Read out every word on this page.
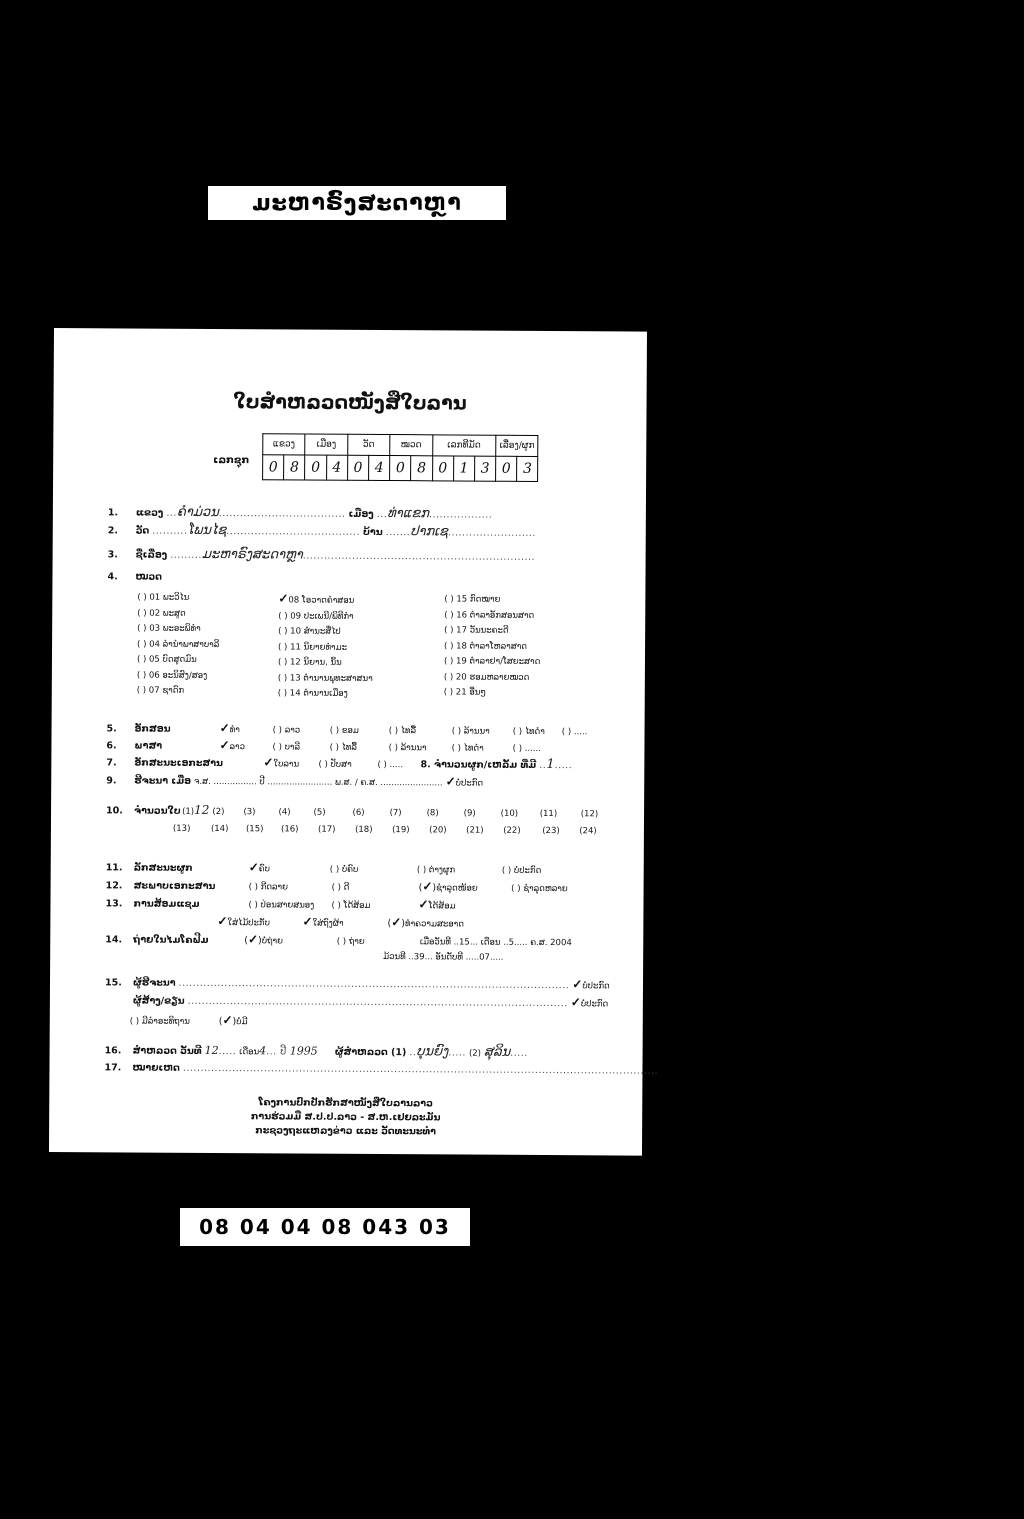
ມະຫາຣົງສະດາຫຼາ
ໃບສຳຫລວດໜັງສືໃບລານ
ເລກຊຸກ
ແຂວງ		ເມືອງ		ວັດ		ໝວດ		ເລກທີມັດ			ເລື່ອງ/ຜູກ	
0	8	0	4	0	4	0	8	0	1	3	0	3
1. ແຂວງ ...ຄຳມ່ວນ.................................... ເມືອງ ...ທ່າແຂກ..................
2. ວັດ ..........ໂພນໄຊ...................................... ບ້ານ .......ປາກເຊ.........................
3. ຊື່ເລື່ອງ .........ມະຫາຣົງສະດາຫຼາ..................................................................
4. ໝວດ
( ) 01 ພະວິໄນ
( ) 02 ພະສູດ
( ) 03 ພະອະພິທຳ
( ) 04 ລຳນຳພາສາບາລີ
( ) 05 ບົດສູດມົນ
( ) 06 ອະນິສົງ/ສອງ
( ) 07 ຊາດົກ
✓08 ໂອວາດຄຳສອນ
( ) 09 ປະເພນີ/ພິທີກຳ
( ) 10 ສຳນະສື່ໄປ
( ) 11 ນິຍາຍທຳມະ
( ) 12 ນິຍານ, ນິ້ນ
( ) 13 ຕຳນານພຸທະສາສນາ
( ) 14 ຕຳນານເມືອງ
( ) 15 ກົດໝາຍ
( ) 16 ຕຳລາອັກສອນສາດ
( ) 17 ວັນນະຄະດີ
( ) 18 ຕຳລາໂຫລາສາດ
( ) 19 ຕຳລາຢາ/ໂສຍະສາດ
( ) 20 ຮອມຫລາຍໝວດ
( ) 21 ອື່ນໆ
5. ອັກສອນ	✓ທຳ	( ) ລາວ	( ) ຂອມ	( ) ໄທລື້	( ) ລ້ານນາ	( ) ໄທດຳ ( ) .....
6. ພາສາ	✓ລາວ	( ) ບາລີ	( ) ໄທລື້	( ) ລ້ານນາ	( ) ໄທດຳ	( ) ......
7. ອັກສະນະເອກະສານ	✓ໃບລານ ( ) ປັບສາ	( ) ..... 8. ຈຳນວນຜູກ/ເຫລັ້ມ ທີ່ມີ ..1.....
9. ຮີຈະນາ ເມື່ອ ຈ.ສ. ................ ປີ ........................ ພ.ສ. / ຄ.ສ. ....................... ✓ບໍ່ປະກົດ
10. ຈຳນວນໃບ (1)12 (2) (3)	(4)	(5)	(6)	(7)	(8)	(9)	(10)	(11)	(12)
(13) (14) (15) (16) (17) (18) (19) (20) (21) (22)	(23) (24)
11. ລັກສະນະຜູກ	✓ຄົບ	( ) ບໍ່ຄົບ	( ) ຕ່າງຜູກ	( ) ບໍ່ປະກົດ
12. ສະພາບເອກະສານ	( ) ກີດລາຍ	( ) ດີ	(✓)ຊຳລຸດໜ້ອຍ	( ) ຊຳລຸດຫລາຍ
13. ການສ້ອມແຊມ	( ) ປ່ອນສາຍສນອງ ( ) ໂດ້ສ້ອມ	✓ໂດ້ສ້ອມ
✓ໃສ່ໄມ້ປະກັບ	✓ໃສ່ຖົງຜ້າ	(✓)ທຳຄວາມສະອາດ
14. ຖ່າຍໃນໄມໂຄຟີມ	(✓)ບໍ່ຖ່າຍ	( ) ຖ່າຍ	ເມື່ອວັນທີ ..15... ເດືອນ ..5..... ຄ.ສ. 2004
ມ້ວນທີ ..39... ອັນດັບທີ .....07.....
15. ຜູ້ຮີຈະນາ ............................................................................................................... ✓ບໍ່ປະກົດ
ຜູ້ສ້າງ/ຂຽນ ............................................................................................................ ✓ບໍ່ປະກົດ
( ) ມີລຳອະທິຖານ	(✓)ບໍ່ມີ
16. ສຳຫລວດ ວັນທີ 12..... ເດືອນ4... ປີ 1995 ຜູ້ສຳຫລວດ (1) ..ບຸນຍົງ..... (2) ສຸລິນ.....
17. ໝາຍເຫດ .......................................................................................................................................
ໂຄງການປົກປັກຮັກສາໜັງສືໃບລານລາວ
ການຮ່ວມມື ສ.ປ.ປ.ລາວ - ສ.ຫ.ເຢຍລະມັນ
ກະຊວງຖະແຫລງຂ່າວ ແລະ ວັດທະນະທຳ
08 04 04 08 043 03
